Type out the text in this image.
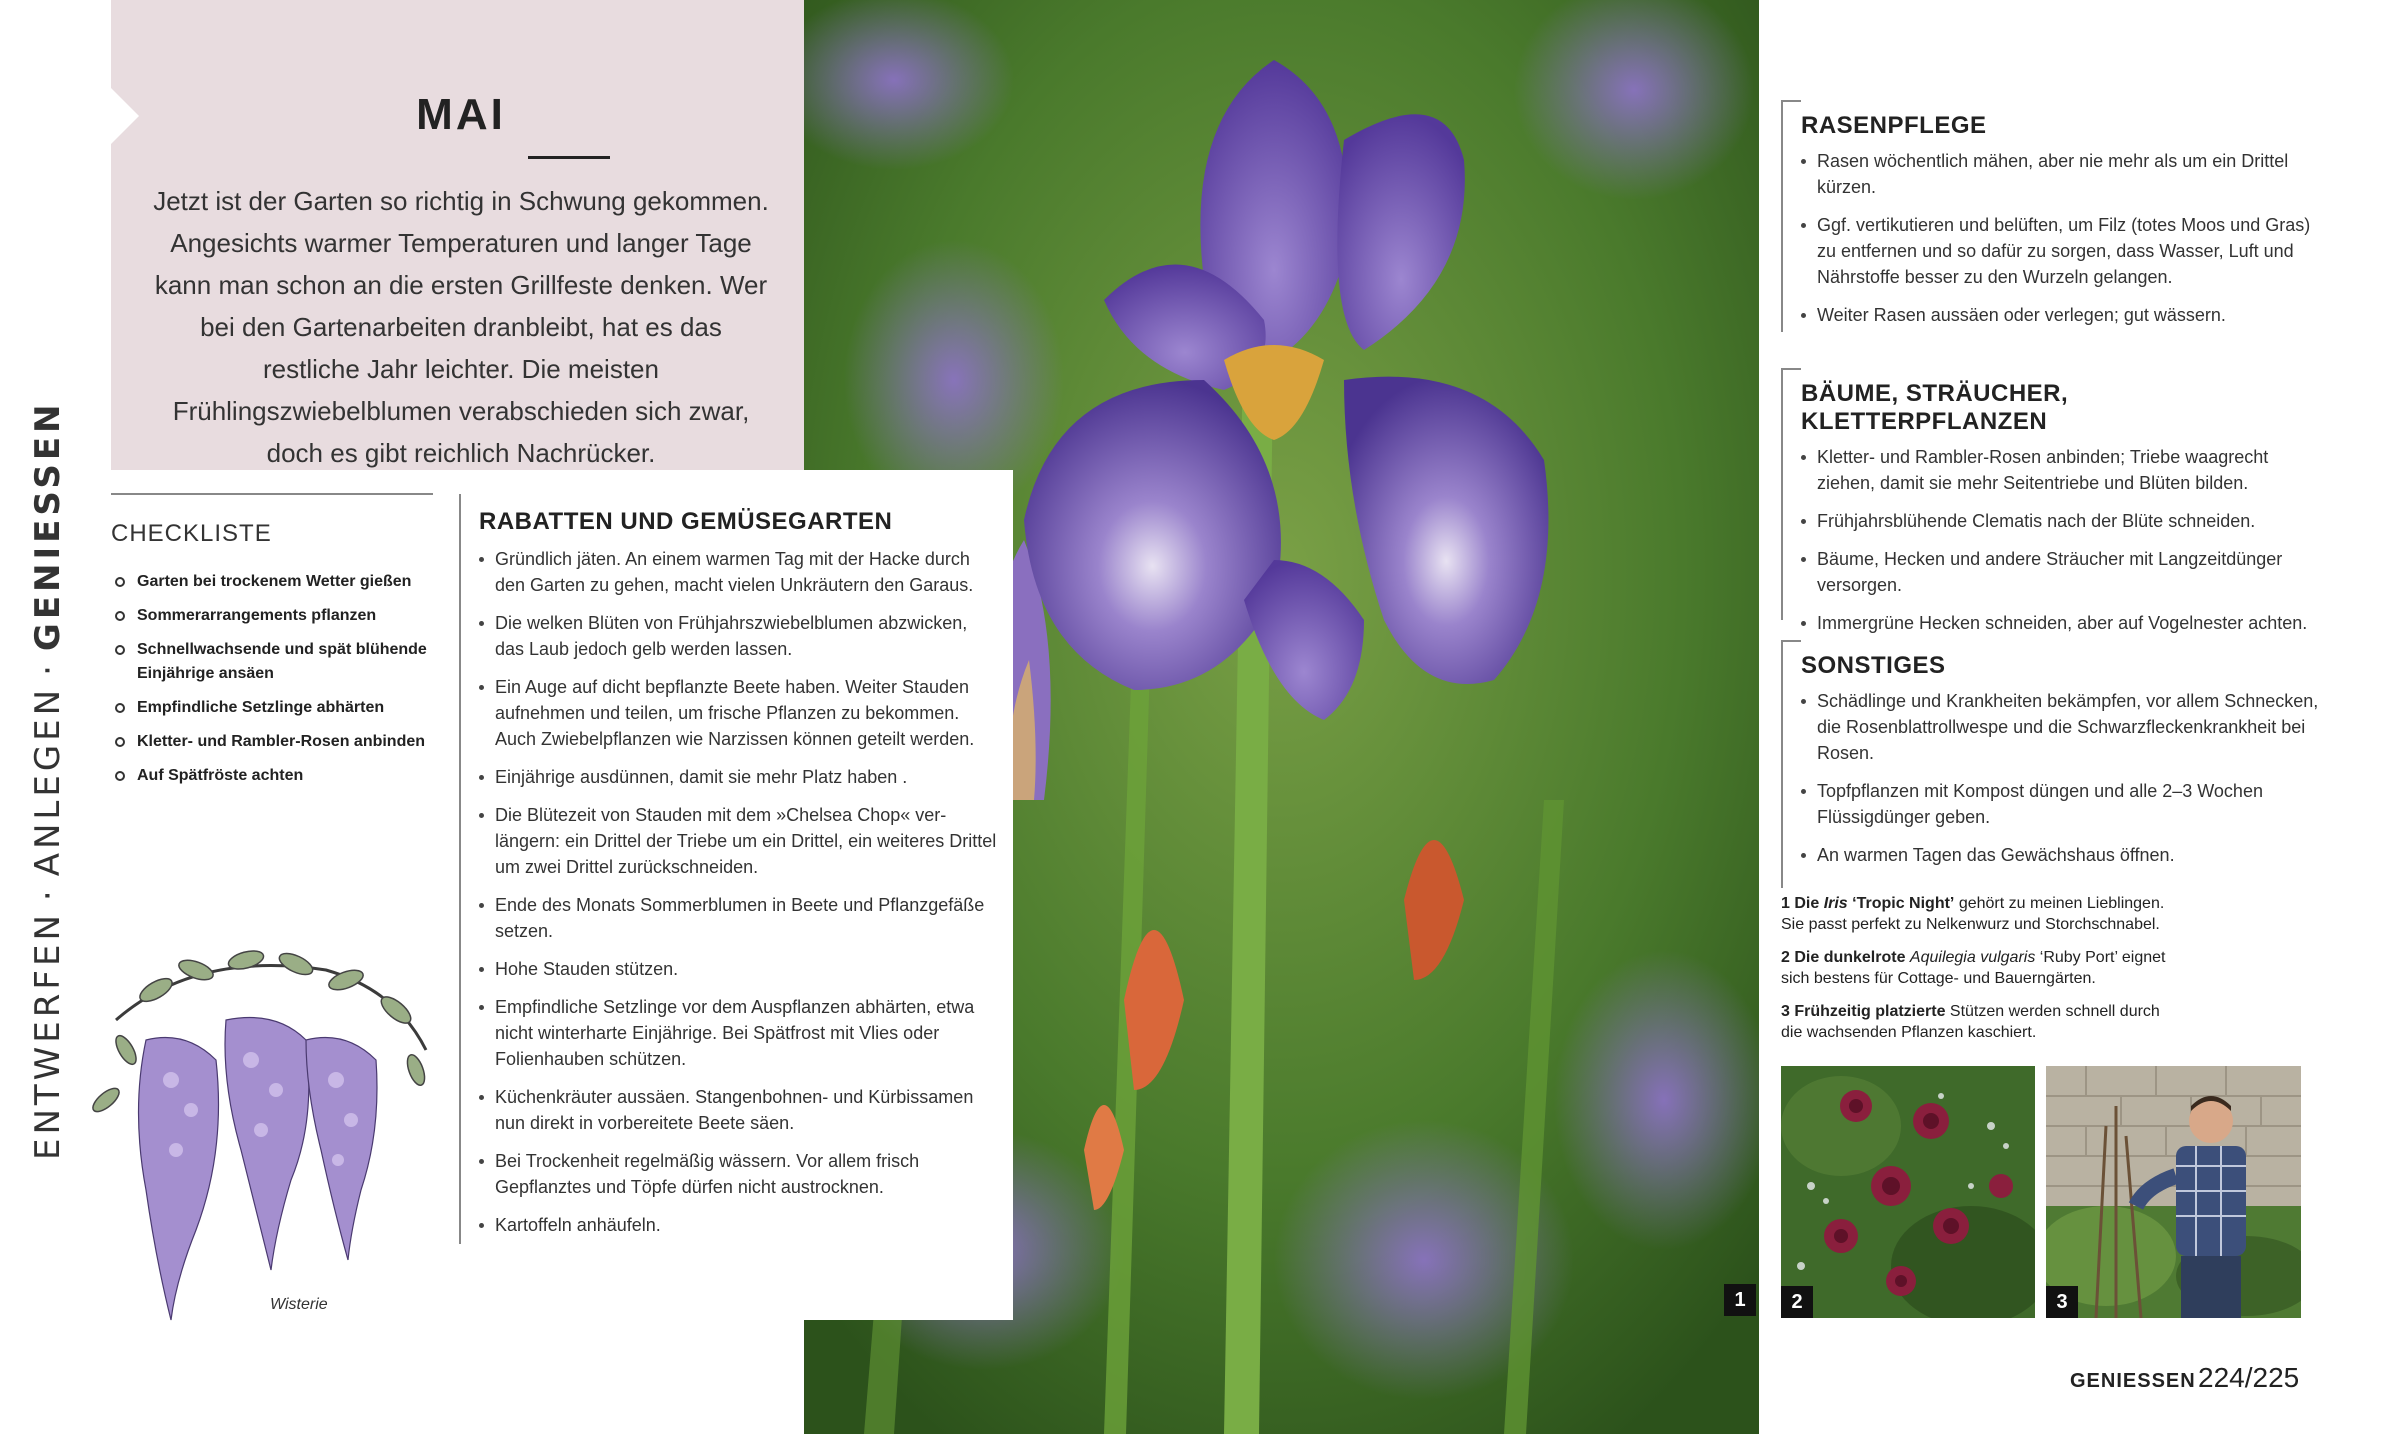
ENTWERFEN·ANLEGEN·GENIESSEN
MAI
Jetzt ist der Garten so richtig in Schwung gekommen. Angesichts warmer Temperaturen und langer Tage kann man schon an die ersten Grillfeste denken. Wer bei den Gartenarbeiten dranbleibt, hat es das restliche Jahr leichter. Die meisten Frühlingszwiebelblumen verabschieden sich zwar, doch es gibt reichlich Nachrücker.
1
RABATTEN UND GEMÜSEGARTEN
Gründlich jäten. An einem warmen Tag mit der Hacke durch den Garten zu gehen, macht vielen Unkräutern den Garaus.
Die welken Blüten von Frühjahrszwiebelblumen abzwicken, das Laub jedoch gelb werden lassen.
Ein Auge auf dicht bepflanzte Beete haben. Weiter Stauden aufnehmen und teilen, um frische Pflanzen zu bekommen. Auch Zwiebelpflanzen wie Narzissen können geteilt werden.
Einjährige ausdünnen, damit sie mehr Platz haben .
Die Blütezeit von Stauden mit dem »Chelsea Chop« verlängern: ein Drittel der Triebe um ein Drittel, ein weiteres Drittel um zwei Drittel zurückschneiden.
Ende des Monats Sommerblumen in Beete und Pflanzgefäße setzen.
Hohe Stauden stützen.
Empfindliche Setzlinge vor dem Auspflanzen abhärten, etwa nicht winterharte Einjährige. Bei Spätfrost mit Vlies oder Folienhauben schützen.
Küchenkräuter aussäen. Stangenbohnen- und Kürbissamen nun direkt in vorbereitete Beete säen.
Bei Trockenheit regelmäßig wässern. Vor allem frisch Gepflanztes und Töpfe dürfen nicht austrocknen.
Kartoffeln anhäufeln.
CHECKLISTE
Garten bei trockenem Wetter gießen
Sommerarrangements pflanzen
Schnellwachsende und spät blühende Einjährige ansäen
Empfindliche Setzlinge abhärten
Kletter- und Rambler-Rosen anbinden
Auf Spätfröste achten
Wisterie
RASENPFLEGE
Rasen wöchentlich mähen, aber nie mehr als um ein Drittel kürzen.
Ggf. vertikutieren und belüften, um Filz (totes Moos und Gras) zu entfernen und so dafür zu sorgen, dass Wasser, Luft und Nährstoffe besser zu den Wurzeln gelangen.
Weiter Rasen aussäen oder verlegen; gut wässern.
BÄUME, STRÄUCHER, KLETTERPFLANZEN
Kletter- und Rambler-Rosen anbinden; Triebe waagrecht ziehen, damit sie mehr Seitentriebe und Blüten bilden.
Frühjahrsblühende Clematis nach der Blüte schneiden.
Bäume, Hecken und andere Sträucher mit Langzeitdünger versorgen.
Immergrüne Hecken schneiden, aber auf Vogelnester achten.
SONSTIGES
Schädlinge und Krankheiten bekämpfen, vor allem Schnecken, die Rosenblattrollwespe und die Schwarzfleckenkrankheit bei Rosen.
Topfpflanzen mit Kompost düngen und alle 2–3 Wochen Flüssigdünger geben.
An warmen Tagen das Gewächshaus öffnen.

1 Die Iris ‘Tropic Night’ gehört zu meinen Lieblingen. Sie passt perfekt zu Nelkenwurz und Storchschnabel.

2 Die dunkelrote Aquilegia vulgaris ‘Ruby Port’ eignet sich bestens für Cottage- und Bauerngärten.

3 Frühzeitig platzierte Stützen werden schnell durch die wachsenden Pflanzen kaschiert.

2	3
GENIESSEN 224/225
